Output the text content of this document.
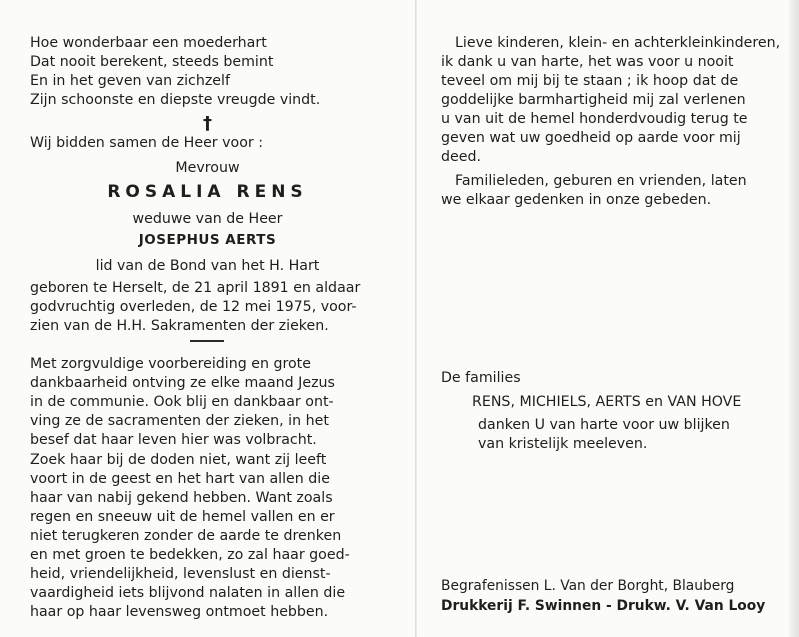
Hoe wonderbaar een moederhart
Dat nooit berekent, steeds bemint
En in het geven van zichzelf
Zijn schoonste en diepste vreugde vindt.
†
Wij bidden samen de Heer voor :
Mevrouw
ROSALIA RENS
weduwe van de Heer
JOSEPHUS AERTS
lid van de Bond van het H. Hart
geboren te Herselt, de 21 april 1891 en aldaar
godvruchtig overleden, de 12 mei 1975, voor-
zien van de H.H. Sakramenten der zieken.
Met zorgvuldige voorbereiding en grote
dankbaarheid ontving ze elke maand Jezus
in de communie. Ook blij en dankbaar ont-
ving ze de sacramenten der zieken, in het
besef dat haar leven hier was volbracht.
Zoek haar bij de doden niet, want zij leeft
voort in de geest en het hart van allen die
haar van nabij gekend hebben. Want zoals
regen en sneeuw uit de hemel vallen en er
niet terugkeren zonder de aarde te drenken
en met groen te bedekken, zo zal haar goed-
heid, vriendelijkheid, levenslust en dienst-
vaardigheid iets blijvond nalaten in allen die
haar op haar levensweg ontmoet hebben.
Lieve kinderen, klein- en achterkleinkinderen,
ik dank u van harte, het was voor u nooit
teveel om mij bij te staan ; ik hoop dat de
goddelijke barmhartigheid mij zal verlenen
u van uit de hemel honderdvoudig terug te
geven wat uw goedheid op aarde voor mij
deed.
Familieleden, geburen en vrienden, laten
we elkaar gedenken in onze gebeden.
De families
RENS, MICHIELS, AERTS en VAN HOVE
danken U van harte voor uw blijken
van kristelijk meeleven.
Begrafenissen L. Van der Borght, Blauberg
Drukkerij F. Swinnen - Drukw. V. Van Looy
